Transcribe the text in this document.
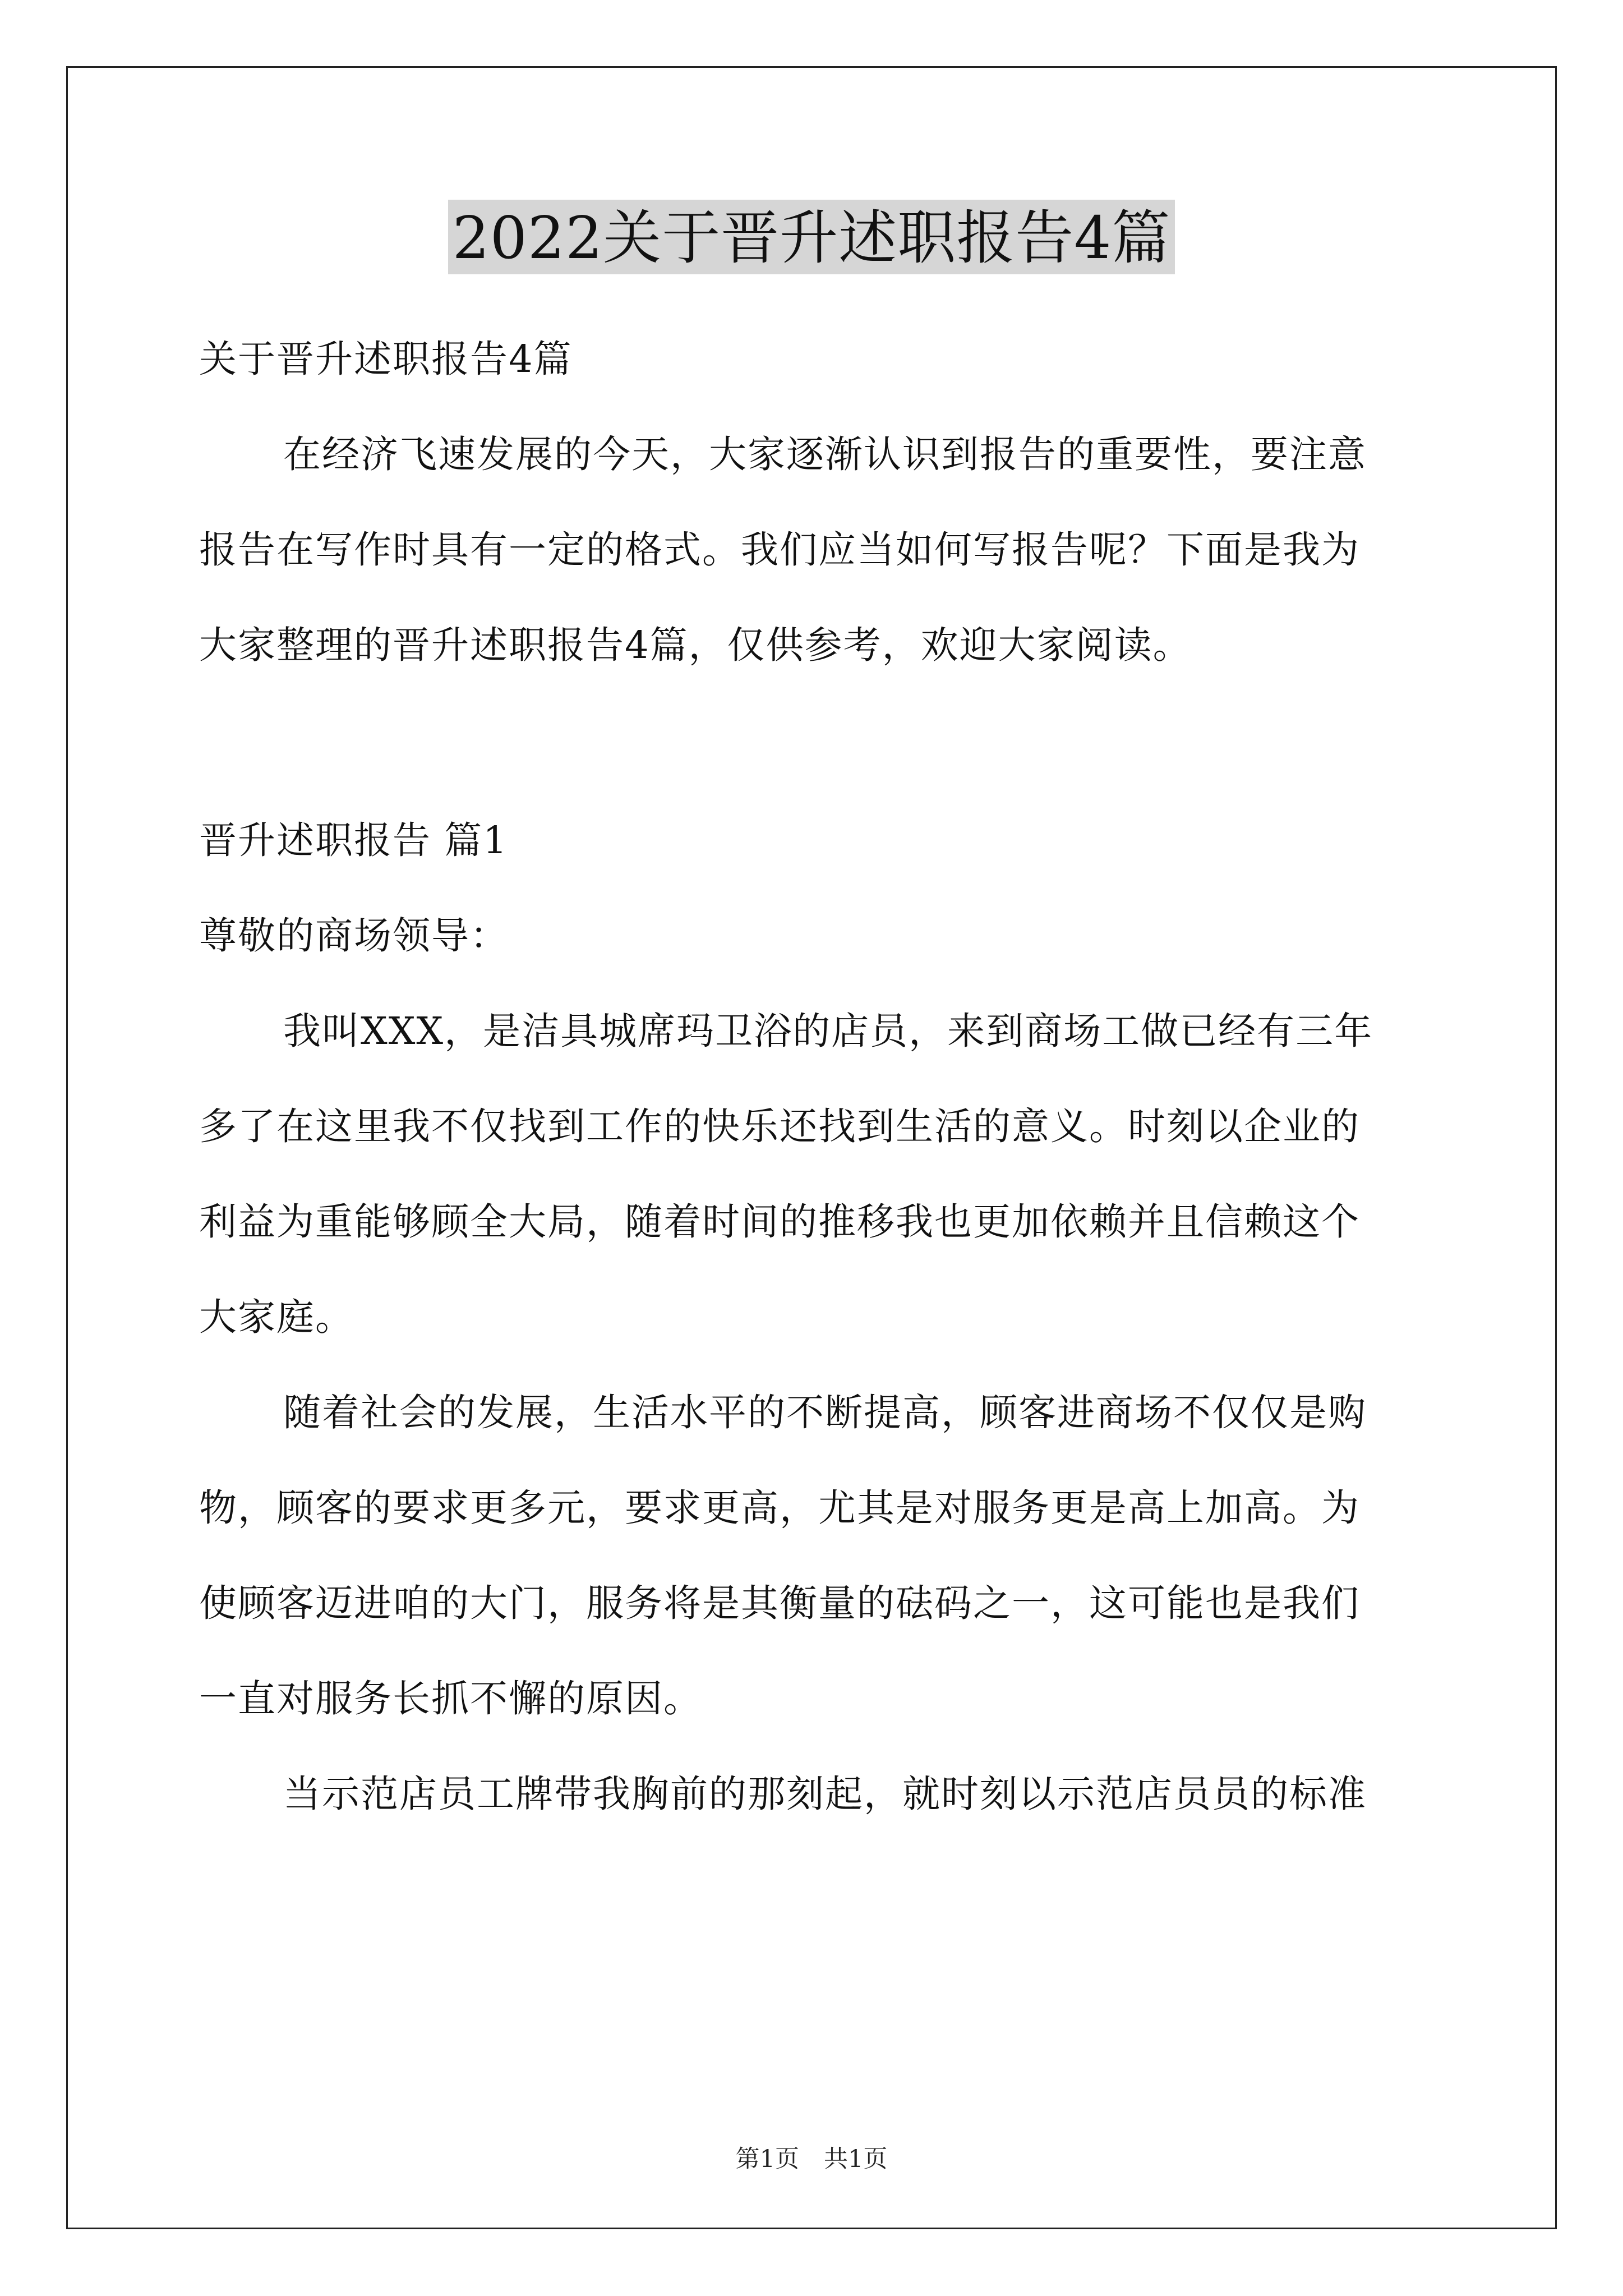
2022关于晋升述职报告4篇
关于晋升述职报告4篇
在经济飞速发展的今天，大家逐渐认识到报告的重要性，要注意
报告在写作时具有一定的格式。我们应当如何写报告呢？下面是我为
大家整理的晋升述职报告4篇，仅供参考，欢迎大家阅读。
晋升述职报告 篇1
尊敬的商场领导：
我叫XXX，是洁具城席玛卫浴的店员，来到商场工做已经有三年
多了在这里我不仅找到工作的快乐还找到生活的意义。时刻以企业的
利益为重能够顾全大局，随着时间的推移我也更加依赖并且信赖这个
大家庭。
随着社会的发展，生活水平的不断提高，顾客进商场不仅仅是购
物，顾客的要求更多元，要求更高，尤其是对服务更是高上加高。为
使顾客迈进咱的大门，服务将是其衡量的砝码之一，这可能也是我们
一直对服务长抓不懈的原因。
当示范店员工牌带我胸前的那刻起，就时刻以示范店员员的标准
第1页 共1页
